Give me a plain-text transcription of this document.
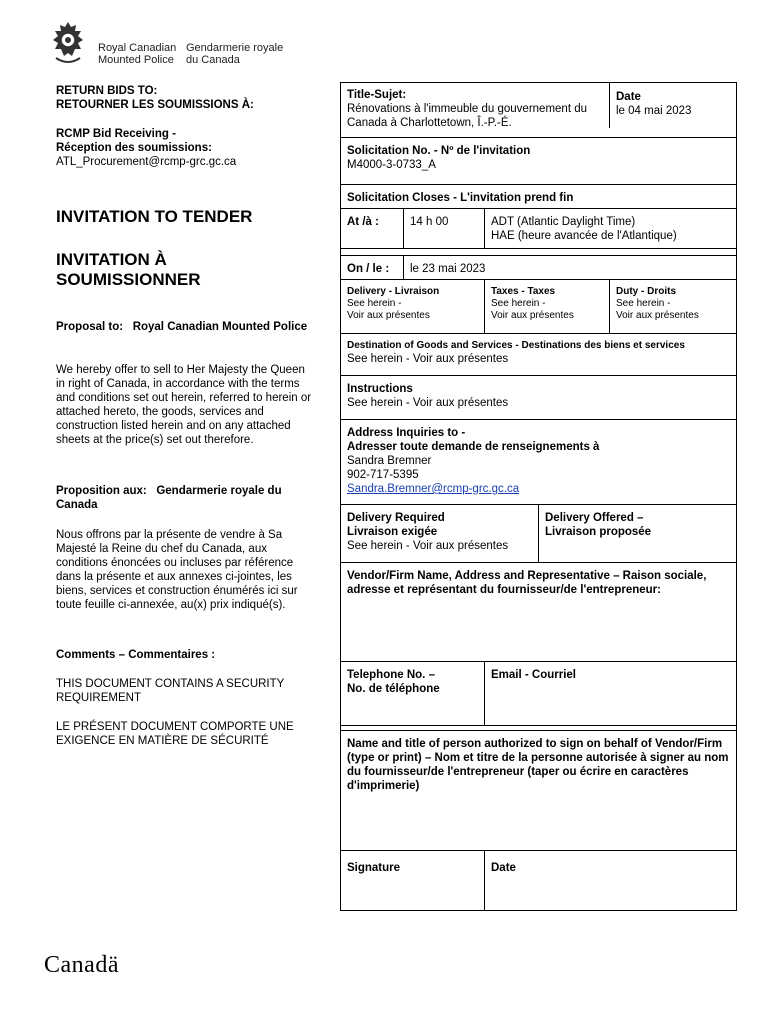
Royal Canadian
Mounted Police
Gendarmerie royale
du Canada
RETURN BIDS TO:
RETOURNER LES SOUMISSIONS À:
RCMP Bid Receiving -
Réception des soumissions:
ATL_Procurement@rcmp-grc.gc.ca
INVITATION TO TENDER
INVITATION À
SOUMISSIONNER
Proposal to: Royal Canadian Mounted Police
We hereby offer to sell to Her Majesty the Queen in right of Canada, in accordance with the terms and conditions set out herein, referred to herein or attached hereto, the goods, services and construction listed herein and on any attached sheets at the price(s) set out therefore.
Proposition aux: Gendarmerie royale du Canada
Nous offrons par la présente de vendre à Sa Majesté la Reine du chef du Canada, aux conditions énoncées ou incluses par référence dans la présente et aux annexes ci-jointes, les biens, services et construction énumérés ici sur toute feuille ci-annexée, au(x) prix indiqué(s).
Comments – Commentaires :
THIS DOCUMENT CONTAINS A SECURITY REQUIREMENT
LE PRÉSENT DOCUMENT COMPORTE UNE EXIGENCE EN MATIÈRE DE SÉCURITÉ
Title-Sujet:
Rénovations à l'immeuble du gouvernement du Canada à Charlottetown, Î.-P.-É.
Date
le 04 mai 2023
Solicitation No. - Nº de l'invitation
M4000-3-0733_A
Solicitation Closes - L'invitation prend fin
At /à :	14 h 00	ADT (Atlantic Daylight Time)
HAE (heure avancée de l'Atlantique)
On / le :	le 23 mai 2023
Delivery - Livraison
See herein -
Voir aux présentes
Taxes - Taxes
See herein -
Voir aux présentes
Duty - Droits
See herein -
Voir aux présentes
Destination of Goods and Services - Destinations des biens et services
See herein - Voir aux présentes
Instructions
See herein - Voir aux présentes
Address Inquiries to -
Adresser toute demande de renseignements à
Sandra Bremner
902-717-5395
Sandra.Bremner@rcmp-grc.gc.ca
Delivery Required
Livraison exigée
See herein - Voir aux présentes
Delivery Offered –
Livraison proposée
Vendor/Firm Name, Address and Representative – Raison sociale, adresse et représentant du fournisseur/de l'entrepreneur:
Telephone No. –
No. de téléphone
Email - Courriel
Name and title of person authorized to sign on behalf of Vendor/Firm (type or print) – Nom et titre de la personne autorisée à signer au nom du fournisseur/de l'entrepreneur (taper ou écrire en caractères d'imprimerie)
Signature	Date
Canadä
